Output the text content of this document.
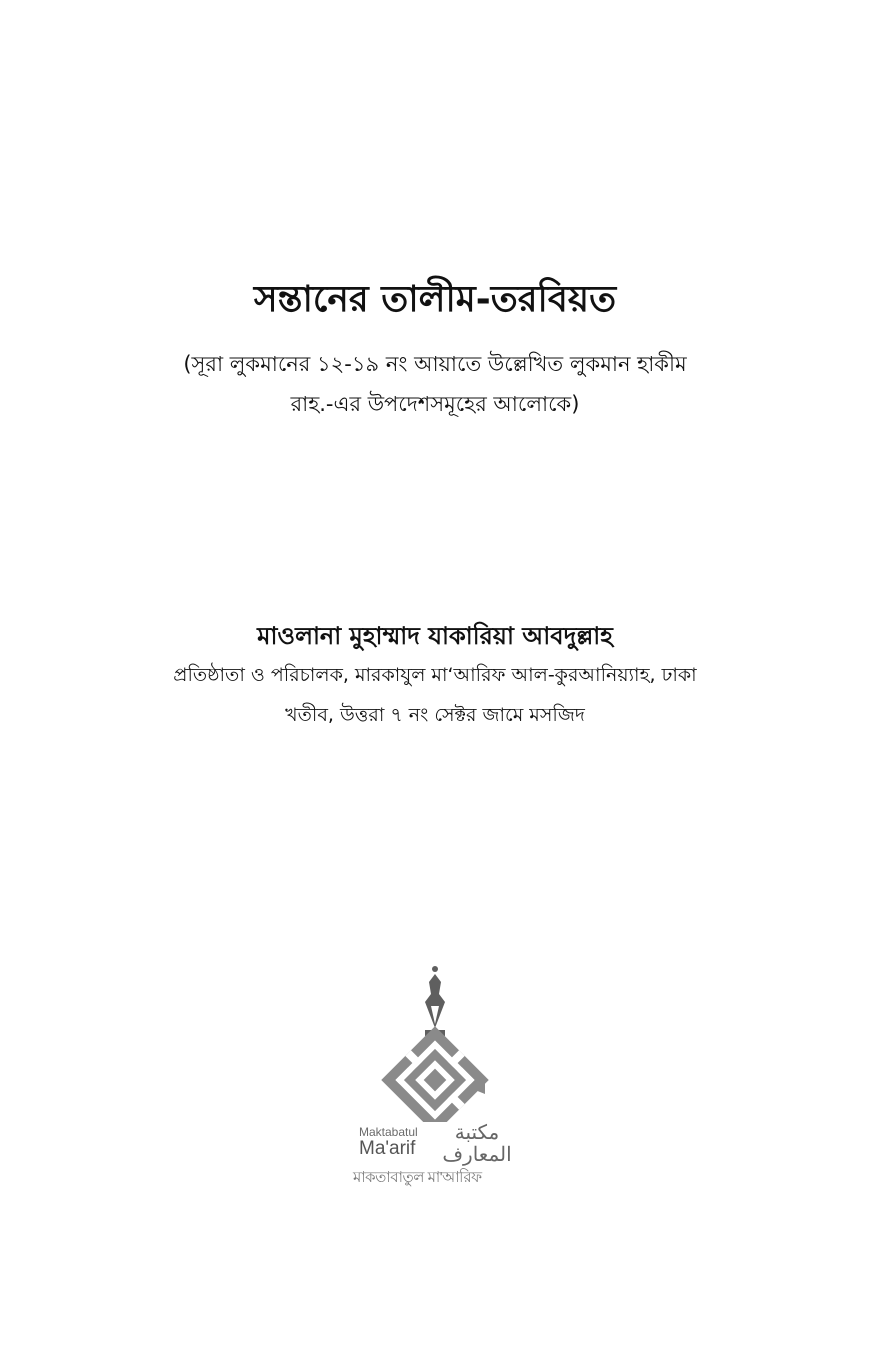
সন্তানের তালীম-তরবিয়ত
(সূরা লুকমানের ১২-১৯ নং আয়াতে উল্লেখিত লুকমান হাকীম
রাহ.-এর উপদেশসমূহের আলোকে)
মাওলানা মুহাম্মাদ যাকারিয়া আবদুল্লাহ
প্রতিষ্ঠাতা ও পরিচালক, মারকাযুল মা‘আরিফ আল-কুরআনিয়্যাহ, ঢাকা
খতীব, উত্তরা ৭ নং সেক্টর জামে মসজিদ
Maktabatul
Ma'arif
مكتبة
المعارف
মাকতাবাতুল মা'আরিফ
